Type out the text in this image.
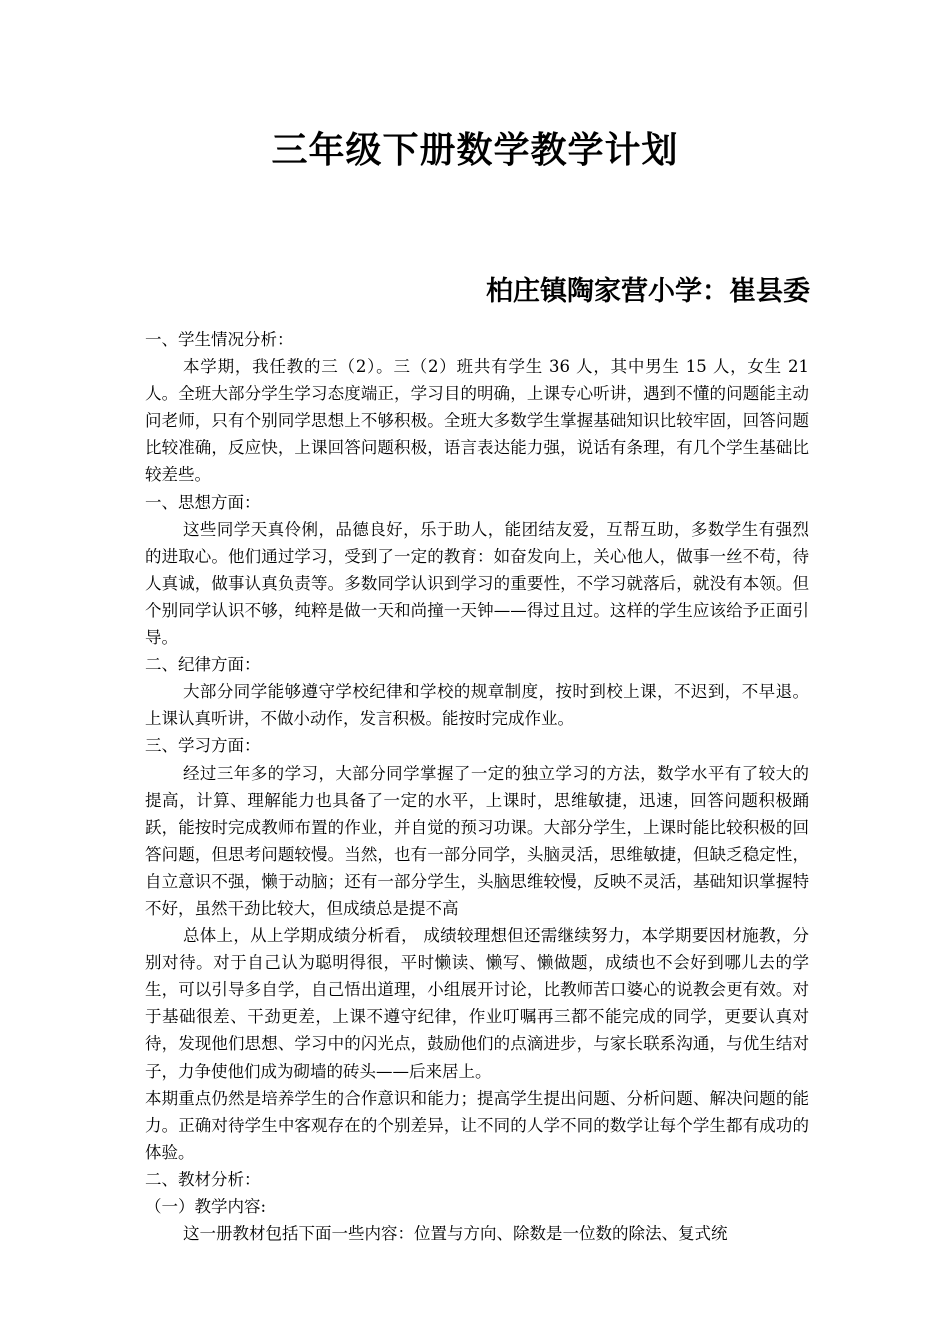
三年级下册数学教学计划
柏庄镇陶家营小学：崔县委

一、学生情况分析：

本学期，我任教的三（2）。三（2）班共有学生 36 人，其中男生 15 人，女生 21 人。全班大部分学生学习态度端正，学习目的明确，上课专心听讲，遇到不懂的问题能主动问老师，只有个别同学思想上不够积极。全班大多数学生掌握基础知识比较牢固，回答问题比较准确，反应快，上课回答问题积极，语言表达能力强，说话有条理，有几个学生基础比较差些。

一、思想方面：

这些同学天真伶俐，品德良好，乐于助人，能团结友爱，互帮互助，多数学生有强烈的进取心。他们通过学习，受到了一定的教育：如奋发向上，关心他人，做事一丝不苟，待人真诚，做事认真负责等。多数同学认识到学习的重要性，不学习就落后，就没有本领。但个别同学认识不够，纯粹是做一天和尚撞一天钟——得过且过。这样的学生应该给予正面引导。

二、纪律方面：

大部分同学能够遵守学校纪律和学校的规章制度，按时到校上课，不迟到，不早退。上课认真听讲，不做小动作，发言积极。能按时完成作业。

三、学习方面：

经过三年多的学习，大部分同学掌握了一定的独立学习的方法，数学水平有了较大的提高，计算、理解能力也具备了一定的水平，上课时，思维敏捷，迅速，回答问题积极踊跃，能按时完成教师布置的作业，并自觉的预习功课。大部分学生，上课时能比较积极的回答问题，但思考问题较慢。当然，也有一部分同学，头脑灵活，思维敏捷，但缺乏稳定性，自立意识不强，懒于动脑；还有一部分学生，头脑思维较慢，反映不灵活，基础知识掌握特不好，虽然干劲比较大，但成绩总是提不高

总体上，从上学期成绩分析看， 成绩较理想但还需继续努力，本学期要因材施教，分别对待。对于自己认为聪明得很，平时懒读、懒写、懒做题，成绩也不会好到哪儿去的学生，可以引导多自学，自己悟出道理，小组展开讨论，比教师苦口婆心的说教会更有效。对于基础很差、干劲更差，上课不遵守纪律，作业叮嘱再三都不能完成的同学，更要认真对待，发现他们思想、学习中的闪光点，鼓励他们的点滴进步，与家长联系沟通，与优生结对子，力争使他们成为砌墙的砖头——后来居上。

本期重点仍然是培养学生的合作意识和能力；提高学生提出问题、分析问题、解决问题的能力。正确对待学生中客观存在的个别差异，让不同的人学不同的数学让每个学生都有成功的体验。

二、教材分析：

（一）教学内容:

这一册教材包括下面一些内容：位置与方向、除数是一位数的除法、复式统
